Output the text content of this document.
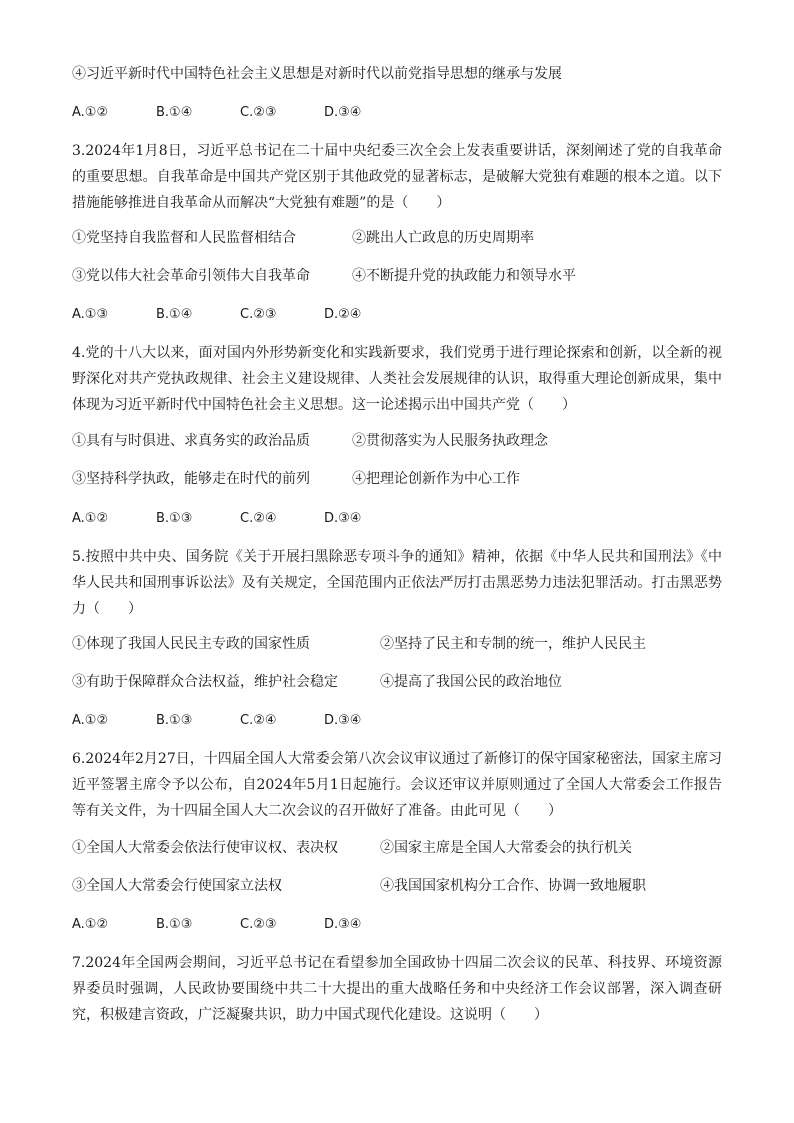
④习近平新时代中国特色社会主义思想是对新时代以前党指导思想的继承与发展
A.①②	B.①④	C.②③	D.③④
3.2024年1月8日，习近平总书记在二十届中央纪委三次全会上发表重要讲话，深刻阐述了党的自我革命的重要思想。自我革命是中国共产党区别于其他政党的显著标志，是破解大党独有难题的根本之道。以下措施能够推进自我革命从而解决“大党独有难题”的是（　　）
①党坚持自我监督和人民监督相结合	②跳出人亡政息的历史周期率
③党以伟大社会革命引领伟大自我革命	④不断提升党的执政能力和领导水平
A.①③	B.①④	C.②③	D.②④
4.党的十八大以来，面对国内外形势新变化和实践新要求，我们党勇于进行理论探索和创新，以全新的视野深化对共产党执政规律、社会主义建设规律、人类社会发展规律的认识，取得重大理论创新成果，集中体现为习近平新时代中国特色社会主义思想。这一论述揭示出中国共产党（　　）
①具有与时俱进、求真务实的政治品质	②贯彻落实为人民服务执政理念
③坚持科学执政，能够走在时代的前列	④把理论创新作为中心工作
A.①②	B.①③	C.②④	D.③④
5.按照中共中央、国务院《关于开展扫黑除恶专项斗争的通知》精神，依据《中华人民共和国刑法》《中华人民共和国刑事诉讼法》及有关规定，全国范围内正依法严厉打击黑恶势力违法犯罪活动。打击黑恶势力（　　）
①体现了我国人民民主专政的国家性质	②坚持了民主和专制的统一，维护人民民主
③有助于保障群众合法权益，维护社会稳定	④提高了我国公民的政治地位
A.①②	B.①③	C.②④	D.③④
6.2024年2月27日，十四届全国人大常委会第八次会议审议通过了新修订的保守国家秘密法，国家主席习近平签署主席令予以公布，自2024年5月1日起施行。会议还审议并原则通过了全国人大常委会工作报告等有关文件，为十四届全国人大二次会议的召开做好了准备。由此可见（　　）
①全国人大常委会依法行使审议权、表决权	②国家主席是全国人大常委会的执行机关
③全国人大常委会行使国家立法权	④我国国家机构分工合作、协调一致地履职
A.①②	B.①③	C.②③	D.③④
7.2024年全国两会期间，习近平总书记在看望参加全国政协十四届二次会议的民革、科技界、环境资源界委员时强调，人民政协要围绕中共二十大提出的重大战略任务和中央经济工作会议部署，深入调查研究，积极建言资政，广泛凝聚共识，助力中国式现代化建设。这说明（　　）
